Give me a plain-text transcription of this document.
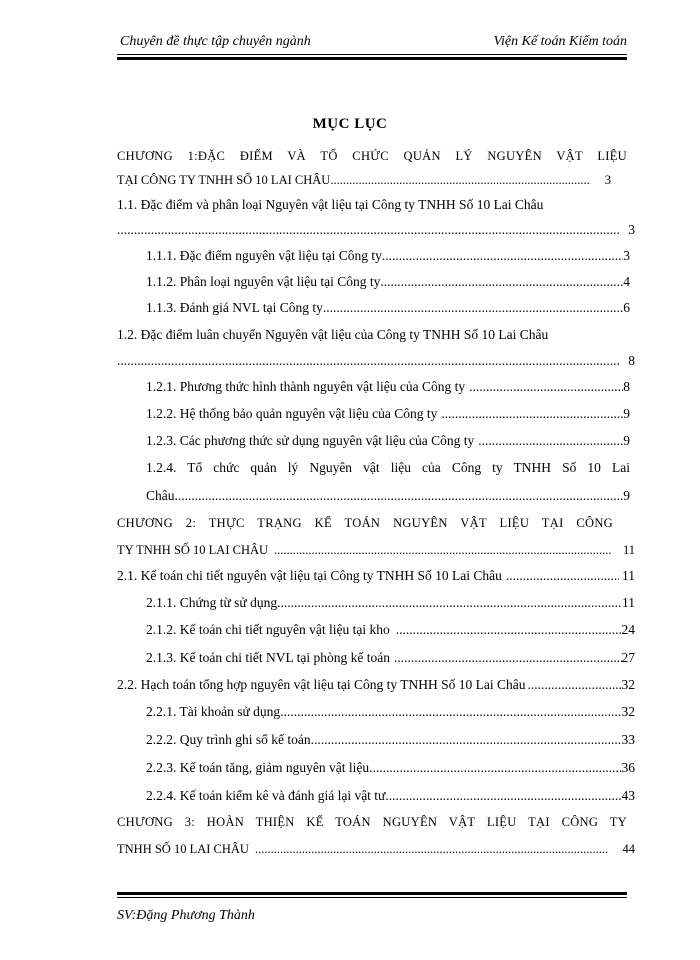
Chuyên đề thực tập chuyên ngành	Viện Kế toán Kiểm toán
MỤC LỤC
CHƯƠNG 1:ĐẶC ĐIỂM VÀ TỔ CHỨC QUẢN LÝ NGUYÊN VẬT LIỆU
TẠI CÔNG TY TNHH SỐ 10 LAI CHÂU .....	3
1.1. Đặc điểm và phân loại Nguyên vật liệu tại Công ty TNHH Số 10 Lai Châu
.....
3
1.1.1. Đặc điểm nguyên vật liệu tại Công ty .....	3
1.1.2. Phân loại nguyên vật liệu tại Công ty .....	4
1.1.3. Đánh giá NVL tại Công ty .....	6
1.2. Đặc điểm luân chuyển Nguyên vật liệu của Công ty TNHH Số 10 Lai Châu
.....
8
1.2.1. Phương thức hình thành nguyên vật liệu của Công ty .....	8
1.2.2. Hệ thống bảo quản nguyên vật liệu của Công ty .....	9
1.2.3. Các phương thức sử dụng nguyên vật liệu của Công ty .....	9
1.2.4. Tổ chức quản lý Nguyên vật liệu của Công ty TNHH Số 10 Lai
Châu .....	9
CHƯƠNG 2: THỰC TRẠNG KẾ TOÁN NGUYÊN VẬT LIỆU TẠI CÔNG
TY TNHH SỐ 10 LAI CHÂU .....	11
2.1. Kế toán chi tiết nguyên vật liệu tại Công ty TNHH Số 10 Lai Châu .....	11
2.1.1. Chứng từ sử dụng .....	11
2.1.2. Kế toán chi tiết nguyên vật liệu tại kho .....	24
2.1.3. Kế toán chi tiết NVL tại phòng kế toán .....	27
2.2. Hạch toán tổng hợp nguyên vật liệu tại Công ty TNHH Số 10 Lai Châu .....	32
2.2.1. Tài khoản sử dụng .....	32
2.2.2. Quy trình ghi sổ kế toán .....	33
2.2.3. Kế toán tăng, giảm nguyên vật liệu .....	36
2.2.4. Kế toán kiểm kê và đánh giá lại vật tư .....	43
CHƯƠNG 3: HOÀN THIỆN KẾ TOÁN NGUYÊN VẬT LIỆU TẠI CÔNG TY
TNHH SỐ 10 LAI CHÂU .....	44
SV:Đặng Phương Thành
